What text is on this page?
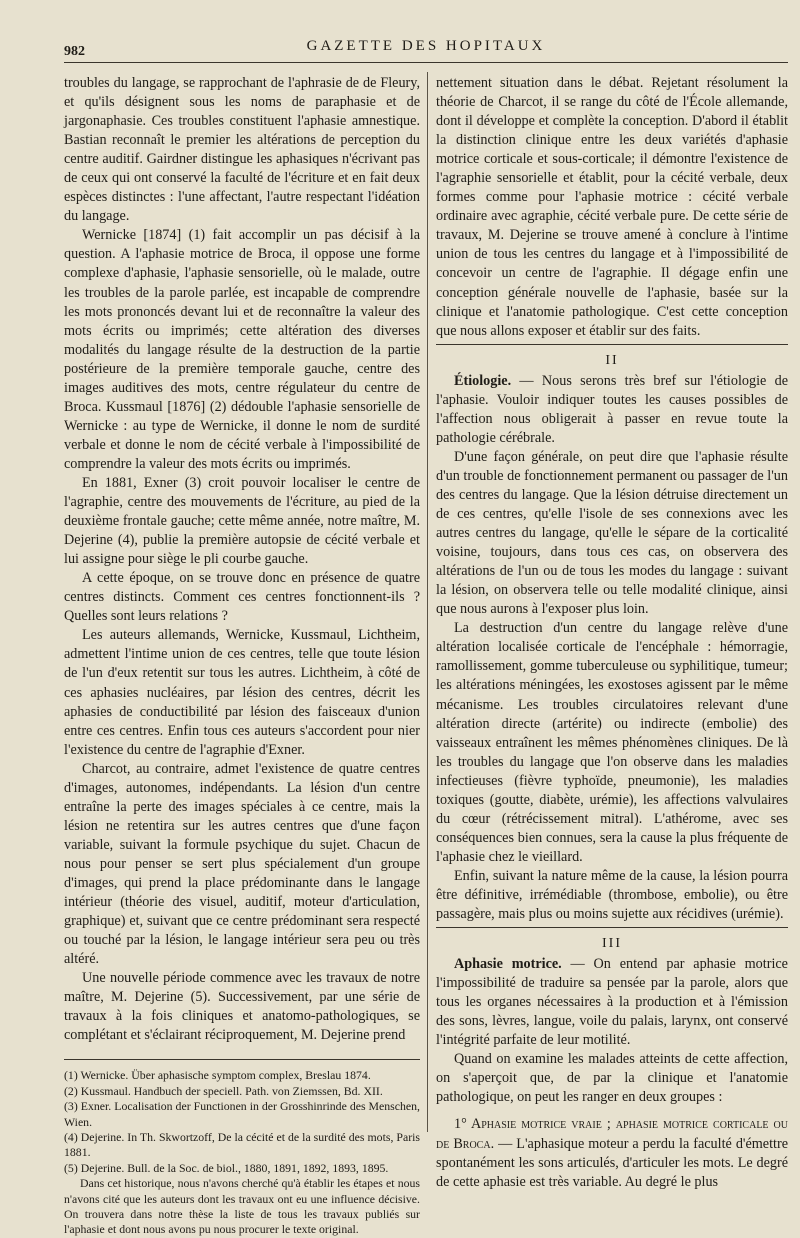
982	GAZETTE DES HOPITAUX

troubles du langage, se rapprochant de l'aphrasie de de Fleury, et qu'ils désignent sous les noms de paraphasie et de jargonaphasie. Ces troubles constituent l'aphasie amnestique. Bastian reconnaît le premier les altérations de perception du centre auditif. Gairdner distingue les aphasiques n'écrivant pas de ceux qui ont conservé la faculté de l'écriture et en fait deux espèces distinctes : l'une affectant, l'autre respectant l'idéation du langage.

Wernicke [1874] (1) fait accomplir un pas décisif à la question. A l'aphasie motrice de Broca, il oppose une forme complexe d'aphasie, l'aphasie sensorielle, où le malade, outre les troubles de la parole parlée, est incapable de comprendre les mots prononcés devant lui et de reconnaître la valeur des mots écrits ou imprimés; cette altération des diverses modalités du langage résulte de la destruction de la partie postérieure de la première temporale gauche, centre des images auditives des mots, centre régulateur du centre de Broca. Kussmaul [1876] (2) dédouble l'aphasie sensorielle de Wernicke : au type de Wernicke, il donne le nom de surdité verbale et donne le nom de cécité verbale à l'impossibilité de comprendre la valeur des mots écrits ou imprimés.

En 1881, Exner (3) croit pouvoir localiser le centre de l'agraphie, centre des mouvements de l'écriture, au pied de la deuxième frontale gauche; cette même année, notre maître, M. Dejerine (4), publie la première autopsie de cécité verbale et lui assigne pour siège le pli courbe gauche.

A cette époque, on se trouve donc en présence de quatre centres distincts. Comment ces centres fonctionnent-ils ? Quelles sont leurs relations ?

Les auteurs allemands, Wernicke, Kussmaul, Lichtheim, admettent l'intime union de ces centres, telle que toute lésion de l'un d'eux retentit sur tous les autres. Lichtheim, à côté de ces aphasies nucléaires, par lésion des centres, décrit les aphasies de conductibilité par lésion des faisceaux d'union entre ces centres. Enfin tous ces auteurs s'accordent pour nier l'existence du centre de l'agraphie d'Exner.

Charcot, au contraire, admet l'existence de quatre centres d'images, autonomes, indépendants. La lésion d'un centre entraîne la perte des images spéciales à ce centre, mais la lésion ne retentira sur les autres centres que d'une façon variable, suivant la formule psychique du sujet. Chacun de nous pour penser se sert plus spécialement d'un groupe d'images, qui prend la place prédominante dans le langage intérieur (théorie des visuel, auditif, moteur d'articulation, graphique) et, suivant que ce centre prédominant sera respecté ou touché par la lésion, le langage intérieur sera peu ou très altéré.

Une nouvelle période commence avec les travaux de notre maître, M. Dejerine (5). Successivement, par une série de travaux à la fois cliniques et anatomo-pathologiques, se complétant et s'éclairant réciproquement, M. Dejerine prend

(1) Wernicke. Über aphasische symptom complex, Breslau 1874.

(2) Kussmaul. Handbuch der speciell. Path. von Ziemssen, Bd. XII.

(3) Exner. Localisation der Functionen in der Grosshinrinde des Menschen, Wien.

(4) Dejerine. In Th. Skwortzoff, De la cécité et de la surdité des mots, Paris 1881.

(5) Dejerine. Bull. de la Soc. de biol., 1880, 1891, 1892, 1893, 1895.

Dans cet historique, nous n'avons cherché qu'à établir les étapes et nous n'avons cité que les auteurs dont les travaux ont eu une influence décisive. On trouvera dans notre thèse la liste de tous les travaux publiés sur l'aphasie et dont nous avons pu nous procurer le texte original.

nettement situation dans le débat. Rejetant résolument la théorie de Charcot, il se range du côté de l'École allemande, dont il développe et complète la conception. D'abord il établit la distinction clinique entre les deux variétés d'aphasie motrice corticale et sous-corticale; il démontre l'existence de l'agraphie sensorielle et établit, pour la cécité verbale, deux formes comme pour l'aphasie motrice : cécité verbale ordinaire avec agraphie, cécité verbale pure. De cette série de travaux, M. Dejerine se trouve amené à conclure à l'intime union de tous les centres du langage et à l'impossibilité de concevoir un centre de l'agraphie. Il dégage enfin une conception générale nouvelle de l'aphasie, basée sur la clinique et l'anatomie pathologique. C'est cette conception que nous allons exposer et établir sur des faits.

II

Étiologie. — Nous serons très bref sur l'étiologie de l'aphasie. Vouloir indiquer toutes les causes possibles de l'affection nous obligerait à passer en revue toute la pathologie cérébrale.

D'une façon générale, on peut dire que l'aphasie résulte d'un trouble de fonctionnement permanent ou passager de l'un des centres du langage. Que la lésion détruise directement un de ces centres, qu'elle l'isole de ses connexions avec les autres centres du langage, qu'elle le sépare de la corticalité voisine, toujours, dans tous ces cas, on observera des altérations de l'un ou de tous les modes du langage : suivant la lésion, on observera telle ou telle modalité clinique, ainsi que nous aurons à l'exposer plus loin.

La destruction d'un centre du langage relève d'une altération localisée corticale de l'encéphale : hémorragie, ramollissement, gomme tuberculeuse ou syphilitique, tumeur; les altérations méningées, les exostoses agissent par le même mécanisme. Les troubles circulatoires relevant d'une altération directe (artérite) ou indirecte (embolie) des vaisseaux entraînent les mêmes phénomènes cliniques. De là les troubles du langage que l'on observe dans les maladies infectieuses (fièvre typhoïde, pneumonie), les maladies toxiques (goutte, diabète, urémie), les affections valvulaires du cœur (rétrécissement mitral). L'athérome, avec ses conséquences bien connues, sera la cause la plus fréquente de l'aphasie chez le vieillard.

Enfin, suivant la nature même de la cause, la lésion pourra être définitive, irrémédiable (thrombose, embolie), ou être passagère, mais plus ou moins sujette aux récidives (urémie).

III

Aphasie motrice. — On entend par aphasie motrice l'impossibilité de traduire sa pensée par la parole, alors que tous les organes nécessaires à la production et à l'émission des sons, lèvres, langue, voile du palais, larynx, ont conservé l'intégrité parfaite de leur motilité.

Quand on examine les malades atteints de cette affection, on s'aperçoit que, de par la clinique et l'anatomie pathologique, on peut les ranger en deux groupes :

1° Aphasie motrice vraie ; aphasie motrice corticale ou de Broca. — L'aphasique moteur a perdu la faculté d'émettre spontanément les sons articulés, d'articuler les mots. Le degré de cette aphasie est très variable. Au degré le plus
